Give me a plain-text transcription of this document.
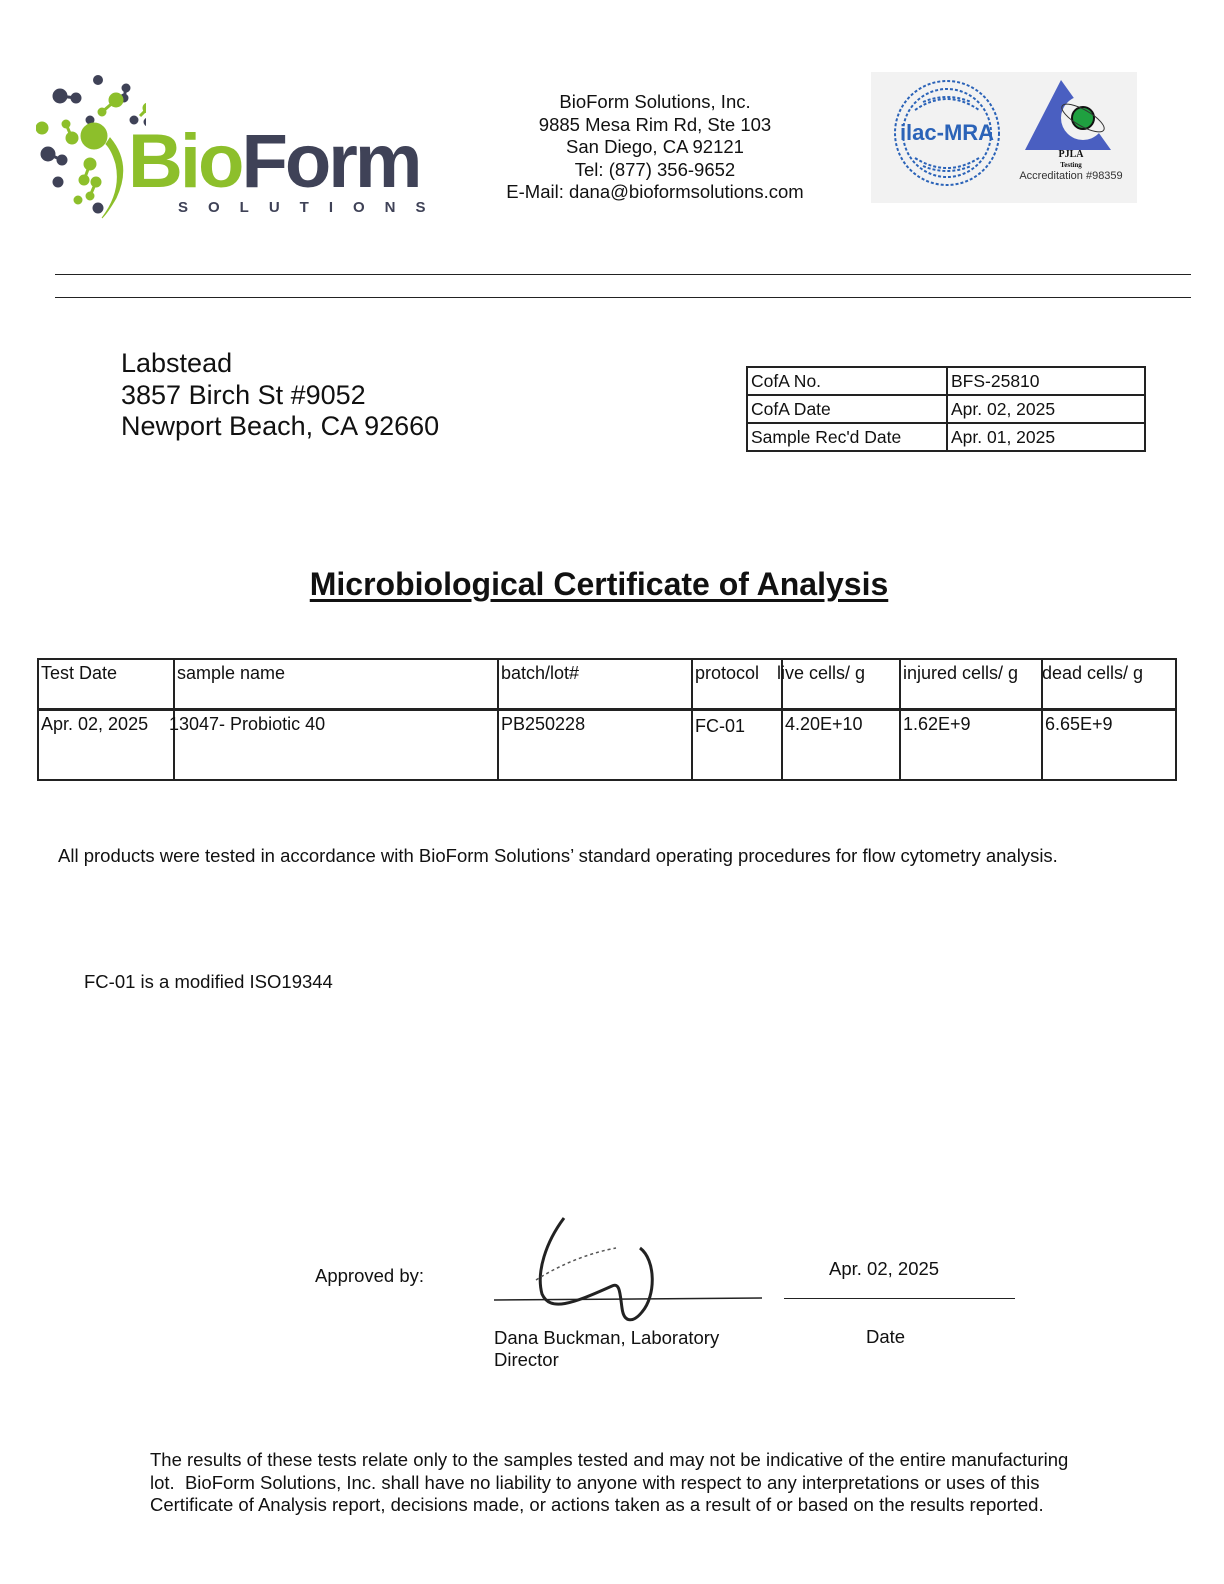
BioForm
SOLUTIONS
BioForm Solutions, Inc.
9885 Mesa Rim Rd, Ste 103
San Diego, CA 92121
Tel: (877) 356-9652
E-Mail: dana@bioformsolutions.com
ilac-MRA
PJLA
Testing
Accreditation #98359
Labstead
3857 Birch St #9052
Newport Beach, CA 92660
CofA No.	BFS-25810
CofA Date	Apr. 02, 2025
Sample Rec'd Date	Apr. 01, 2025
Microbiological Certificate of Analysis
Test Date	sample name	batch/lot#	protocol	live cells/ g	injured cells/ g	dead cells/ g
Apr. 02, 2025	13047- Probiotic 40	PB250228	FC-01	4.20E+10	1.62E+9	6.65E+9
All products were tested in accordance with BioForm Solutions’ standard operating procedures for flow cytometry analysis.
FC-01 is a modified ISO19344
Approved by:
Dana Buckman, Laboratory
Director
Apr. 02, 2025
Date
The results of these tests relate only to the samples tested and may not be indicative of the entire manufacturing
lot.  BioForm Solutions, Inc. shall have no liability to anyone with respect to any interpretations or uses of this
Certificate of Analysis report, decisions made, or actions taken as a result of or based on the results reported.
